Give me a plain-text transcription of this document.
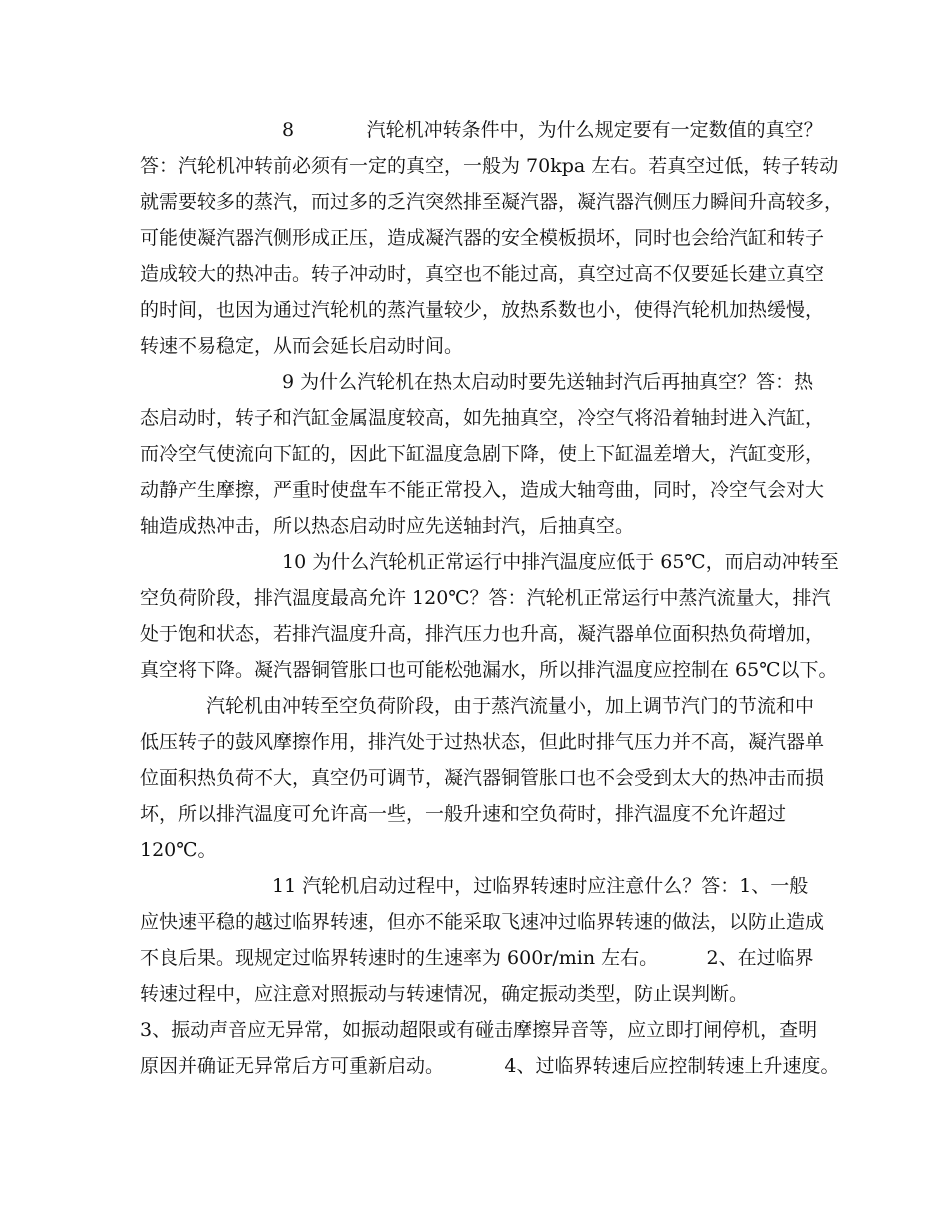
8            汽轮机冲转条件中，为什么规定要有一定数值的真空？
答：汽轮机冲转前必须有一定的真空，一般为 70kpa 左右。若真空过低，转子转动
就需要较多的蒸汽，而过多的乏汽突然排至凝汽器，凝汽器汽侧压力瞬间升高较多，
可能使凝汽器汽侧形成正压，造成凝汽器的安全模板损坏，同时也会给汽缸和转子
造成较大的热冲击。转子冲动时，真空也不能过高，真空过高不仅要延长建立真空
的时间，也因为通过汽轮机的蒸汽量较少，放热系数也小，使得汽轮机加热缓慢，
转速不易稳定，从而会延长启动时间。
9 为什么汽轮机在热太启动时要先送轴封汽后再抽真空？答：热
态启动时，转子和汽缸金属温度较高，如先抽真空，冷空气将沿着轴封进入汽缸，
而冷空气使流向下缸的，因此下缸温度急剧下降，使上下缸温差增大，汽缸变形，
动静产生摩擦，严重时使盘车不能正常投入，造成大轴弯曲，同时，冷空气会对大
轴造成热冲击，所以热态启动时应先送轴封汽，后抽真空。
10 为什么汽轮机正常运行中排汽温度应低于 65℃，而启动冲转至
空负荷阶段，排汽温度最高允许 120℃？答：汽轮机正常运行中蒸汽流量大，排汽
处于饱和状态，若排汽温度升高，排汽压力也升高，凝汽器单位面积热负荷增加，
真空将下降。凝汽器铜管胀口也可能松弛漏水，所以排汽温度应控制在 65℃以下。
汽轮机由冲转至空负荷阶段，由于蒸汽流量小，加上调节汽门的节流和中
低压转子的鼓风摩擦作用，排汽处于过热状态，但此时排气压力并不高，凝汽器单
位面积热负荷不大，真空仍可调节，凝汽器铜管胀口也不会受到太大的热冲击而损
坏，所以排汽温度可允许高一些，一般升速和空负荷时，排汽温度不允许超过
120℃。
11 汽轮机启动过程中，过临界转速时应注意什么？答：1、一般
应快速平稳的越过临界转速，但亦不能采取飞速冲过临界转速的做法，以防止造成
不良后果。现规定过临界转速时的生速率为 600r/min 左右。        2、在过临界
转速过程中，应注意对照振动与转速情况，确定振动类型，防止误判断。
3、振动声音应无异常，如振动超限或有碰击摩擦异音等，应立即打闸停机，查明
原因并确证无异常后方可重新启动。          4、过临界转速后应控制转速上升速度。
